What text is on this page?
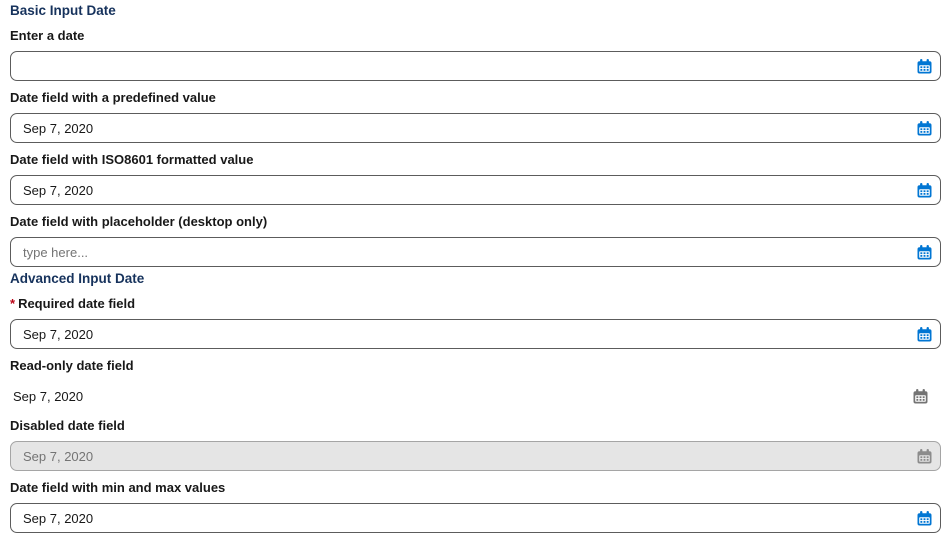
Basic Input Date
Enter a date
Date field with a predefined value
Sep 7, 2020
Date field with ISO8601 formatted value
Sep 7, 2020
Date field with placeholder (desktop only)
type here...
Advanced Input Date
* Required date field
Sep 7, 2020
Read-only date field
Sep 7, 2020
Disabled date field
Sep 7, 2020
Date field with min and max values
Sep 7, 2020
